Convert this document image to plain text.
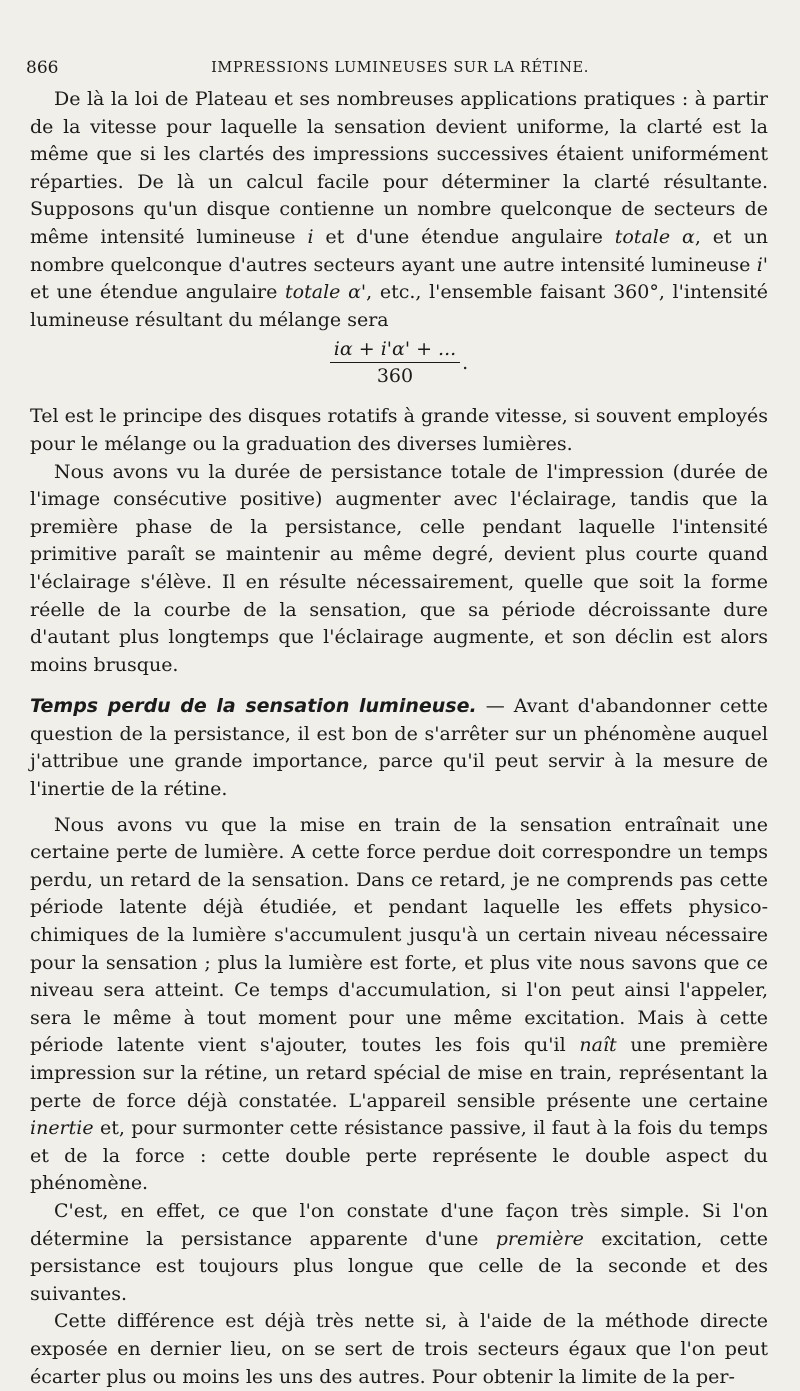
866	IMPRESSIONS LUMINEUSES SUR LA RÉTINE.

De là la loi de Plateau et ses nombreuses applications pratiques : à partir de la vitesse pour laquelle la sensation devient uniforme, la clarté est la même que si les clartés des impressions successives étaient uniformément réparties. De là un calcul facile pour déterminer la clarté résultante. Supposons qu'un disque contienne un nombre quelconque de secteurs de même intensité lumineuse i et d'une étendue angulaire totale α, et un nombre quelconque d'autres secteurs ayant une autre intensité lumineuse i' et une étendue angulaire totale α', etc., l'ensemble faisant 360°, l'intensité lumineuse résultant du mélange sera

$\frac{i\alpha + i'\alpha' + ...}{360}$ .

Tel est le principe des disques rotatifs à grande vitesse, si souvent employés pour le mélange ou la graduation des diverses lumières.

Nous avons vu la durée de persistance totale de l'impression (durée de l'image consécutive positive) augmenter avec l'éclairage, tandis que la première phase de la persistance, celle pendant laquelle l'intensité primitive paraît se maintenir au même degré, devient plus courte quand l'éclairage s'élève. Il en résulte nécessairement, quelle que soit la forme réelle de la courbe de la sensation, que sa période décroissante dure d'autant plus longtemps que l'éclairage augmente, et son déclin est alors moins brusque.

Temps perdu de la sensation lumineuse. — Avant d'abandonner cette question de la persistance, il est bon de s'arrêter sur un phénomène auquel j'attribue une grande importance, parce qu'il peut servir à la mesure de l'inertie de la rétine.

Nous avons vu que la mise en train de la sensation entraînait une certaine perte de lumière. A cette force perdue doit correspondre un temps perdu, un retard de la sensation. Dans ce retard, je ne comprends pas cette période latente déjà étudiée, et pendant laquelle les effets physico-chimiques de la lumière s'accumulent jusqu'à un certain niveau nécessaire pour la sensation ; plus la lumière est forte, et plus vite nous savons que ce niveau sera atteint. Ce temps d'accumulation, si l'on peut ainsi l'appeler, sera le même à tout moment pour une même excitation. Mais à cette période latente vient s'ajouter, toutes les fois qu'il naît une première impression sur la rétine, un retard spécial de mise en train, représentant la perte de force déjà constatée. L'appareil sensible présente une certaine inertie et, pour surmonter cette résistance passive, il faut à la fois du temps et de la force : cette double perte représente le double aspect du phénomène.

C'est, en effet, ce que l'on constate d'une façon très simple. Si l'on détermine la persistance apparente d'une première excitation, cette persistance est toujours plus longue que celle de la seconde et des suivantes.

Cette différence est déjà très nette si, à l'aide de la méthode directe exposée en dernier lieu, on se sert de trois secteurs égaux que l'on peut écarter plus ou moins les uns des autres. Pour obtenir la limite de la per-
